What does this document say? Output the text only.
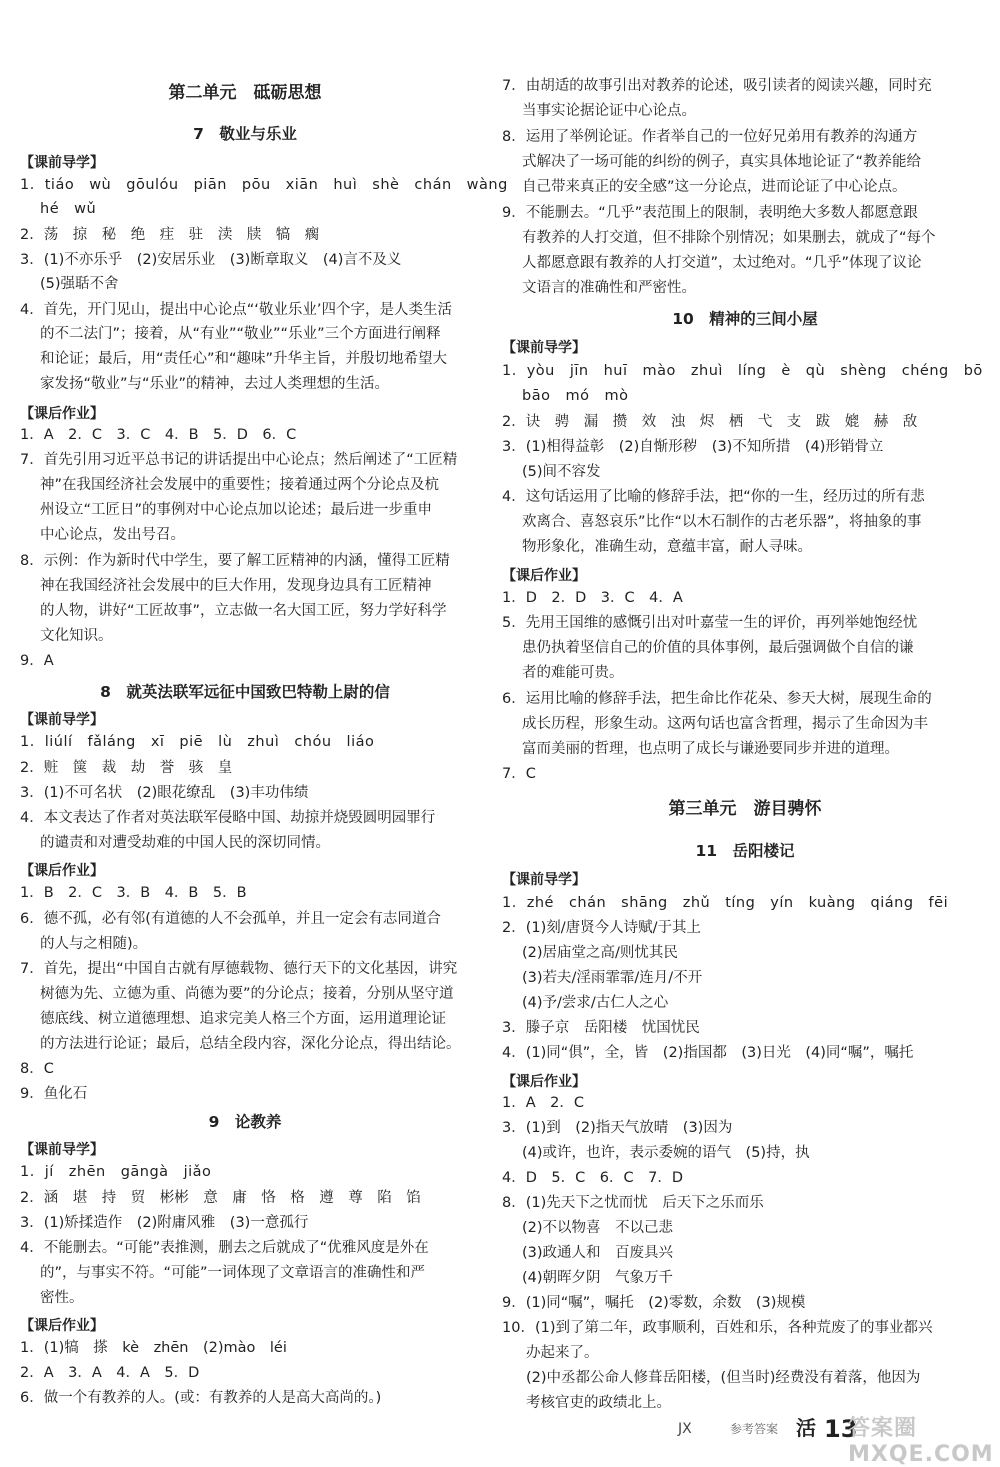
第二单元　砥砺思想
7　敬业与乐业
【课前导学】
1．tiáo　wù　gōulóu　piān　pōu　xiān　huì　shè　chán　wàng
hé　wǔ
2．荡　掠　秘　绝　疰　驻　渎　牍　犒　瘸
3．(1)不亦乐乎　(2)安居乐业　(3)断章取义　(4)言不及义
(5)强聒不舍
4．首先，开门见山，提出中心论点“‘敬业乐业’四个字，是人类生活
的不二法门”；接着，从“有业”“敬业”“乐业”三个方面进行阐释
和论证；最后，用“责任心”和“趣味”升华主旨，并殷切地希望大
家发扬“敬业”与“乐业”的精神，去过人类理想的生活。
【课后作业】
1．A　2．C　3．C　4．B　5．D　6．C
7．首先引用习近平总书记的讲话提出中心论点；然后阐述了“工匠精
神”在我国经济社会发展中的重要性；接着通过两个分论点及杭
州设立“工匠日”的事例对中心论点加以论述；最后进一步重申
中心论点，发出号召。
8．示例：作为新时代中学生，要了解工匠精神的内涵，懂得工匠精
神在我国经济社会发展中的巨大作用，发现身边具有工匠精神
的人物，讲好“工匠故事”，立志做一名大国工匠，努力学好科学
文化知识。
9．A
8　就英法联军远征中国致巴特勒上尉的信
【课前导学】
1．liúlí　fǎláng　xī　piē　lù　zhuì　chóu　liáo
2．赃　箧　裁　劫　誉　骇　皇
3．(1)不可名状　(2)眼花缭乱　(3)丰功伟绩
4．本文表达了作者对英法联军侵略中国、劫掠并烧毁圆明园罪行
的谴责和对遭受劫难的中国人民的深切同情。
【课后作业】
1．B　2．C　3．B　4．B　5．B
6．德不孤，必有邻(有道德的人不会孤单，并且一定会有志同道合
的人与之相随)。
7．首先，提出“中国自古就有厚德载物、德行天下的文化基因，讲究
树德为先、立德为重、尚德为要”的分论点；接着，分别从坚守道
德底线、树立道德理想、追求完美人格三个方面，运用道理论证
的方法进行论证；最后，总结全段内容，深化分论点，得出结论。
8．C
9．鱼化石
9　论教养
【课前导学】
1．jí　zhēn　gāngà　jiǎo
2．涵　堪　持　贸　彬彬　意　庸　恪　格　遵　尊　陷　馅
3．(1)矫揉造作　(2)附庸风雅　(3)一意孤行
4．不能删去。“可能”表推测，删去之后就成了“优雅风度是外在
的”，与事实不符。“可能”一词体现了文章语言的准确性和严
密性。
【课后作业】
1．(1)犒　搽　kè　zhēn　(2)mào　léi
2．A　3．A　4．A　5．D
6．做一个有教养的人。(或：有教养的人是高大高尚的。)
7．由胡适的故事引出对教养的论述，吸引读者的阅读兴趣，同时充
当事实论据论证中心论点。
8．运用了举例论证。作者举自己的一位好兄弟用有教养的沟通方
式解决了一场可能的纠纷的例子，真实具体地论证了“教养能给
自己带来真正的安全感”这一分论点，进而论证了中心论点。
9．不能删去。“几乎”表范围上的限制，表明绝大多数人都愿意跟
有教养的人打交道，但不排除个别情况；如果删去，就成了“每个
人都愿意跟有教养的人打交道”，太过绝对。“几乎”体现了议论
文语言的准确性和严密性。
10　精神的三间小屋
【课前导学】
1．yòu　jīn　huī　mào　zhuì　líng　è　qù　shèng　chéng　bō
bāo　mó　mò
2．诀　骋　漏　攒　效　浊　烬　栖　弋　支　跋　媲　赫　敌
3．(1)相得益彰　(2)自惭形秽　(3)不知所措　(4)形销骨立
(5)间不容发
4．这句话运用了比喻的修辞手法，把“你的一生，经历过的所有悲
欢离合、喜怒哀乐”比作“以木石制作的古老乐器”，将抽象的事
物形象化，准确生动，意蕴丰富，耐人寻味。
【课后作业】
1．D　2．D　3．C　4．A
5．先用王国维的感慨引出对叶嘉莹一生的评价，再列举她饱经忧
患仍执着坚信自己的价值的具体事例，最后强调做个自信的谦
者的难能可贵。
6．运用比喻的修辞手法，把生命比作花朵、参天大树，展现生命的
成长历程，形象生动。这两句话也富含哲理，揭示了生命因为丰
富而美丽的哲理，也点明了成长与谦逊要同步并进的道理。
7．C
第三单元　游目骋怀
11　岳阳楼记
【课前导学】
1．zhé　chán　shāng　zhǔ　tíng　yín　kuàng　qiáng　fēi
2．(1)刻/唐贤今人诗赋/于其上
(2)居庙堂之高/则忧其民
(3)若夫/淫雨霏霏/连月/不开
(4)予/尝求/古仁人之心
3．滕子京　岳阳楼　忧国忧民
4．(1)同“俱”，全，皆　(2)指国都　(3)日光　(4)同“嘱”，嘱托
【课后作业】
1．A　2．C
3．(1)到　(2)指天气放晴　(3)因为
(4)或许，也许，表示委婉的语气　(5)持，执
4．D　5．C　6．C　7．D
8．(1)先天下之忧而忧　后天下之乐而乐
(2)不以物喜　不以己悲
(3)政通人和　百废具兴
(4)朝晖夕阴　气象万千
9．(1)同“嘱”，嘱托　(2)零数，余数　(3)规模
10．(1)到了第二年，政事顺利，百姓和乐，各种荒废了的事业都兴
办起来了。
(2)中丞都公命人修葺岳阳楼，(但当时)经费没有着落，他因为
考核官吏的政绩北上。
JX	参考答案 活 13
答案圈 MXQE.COM
